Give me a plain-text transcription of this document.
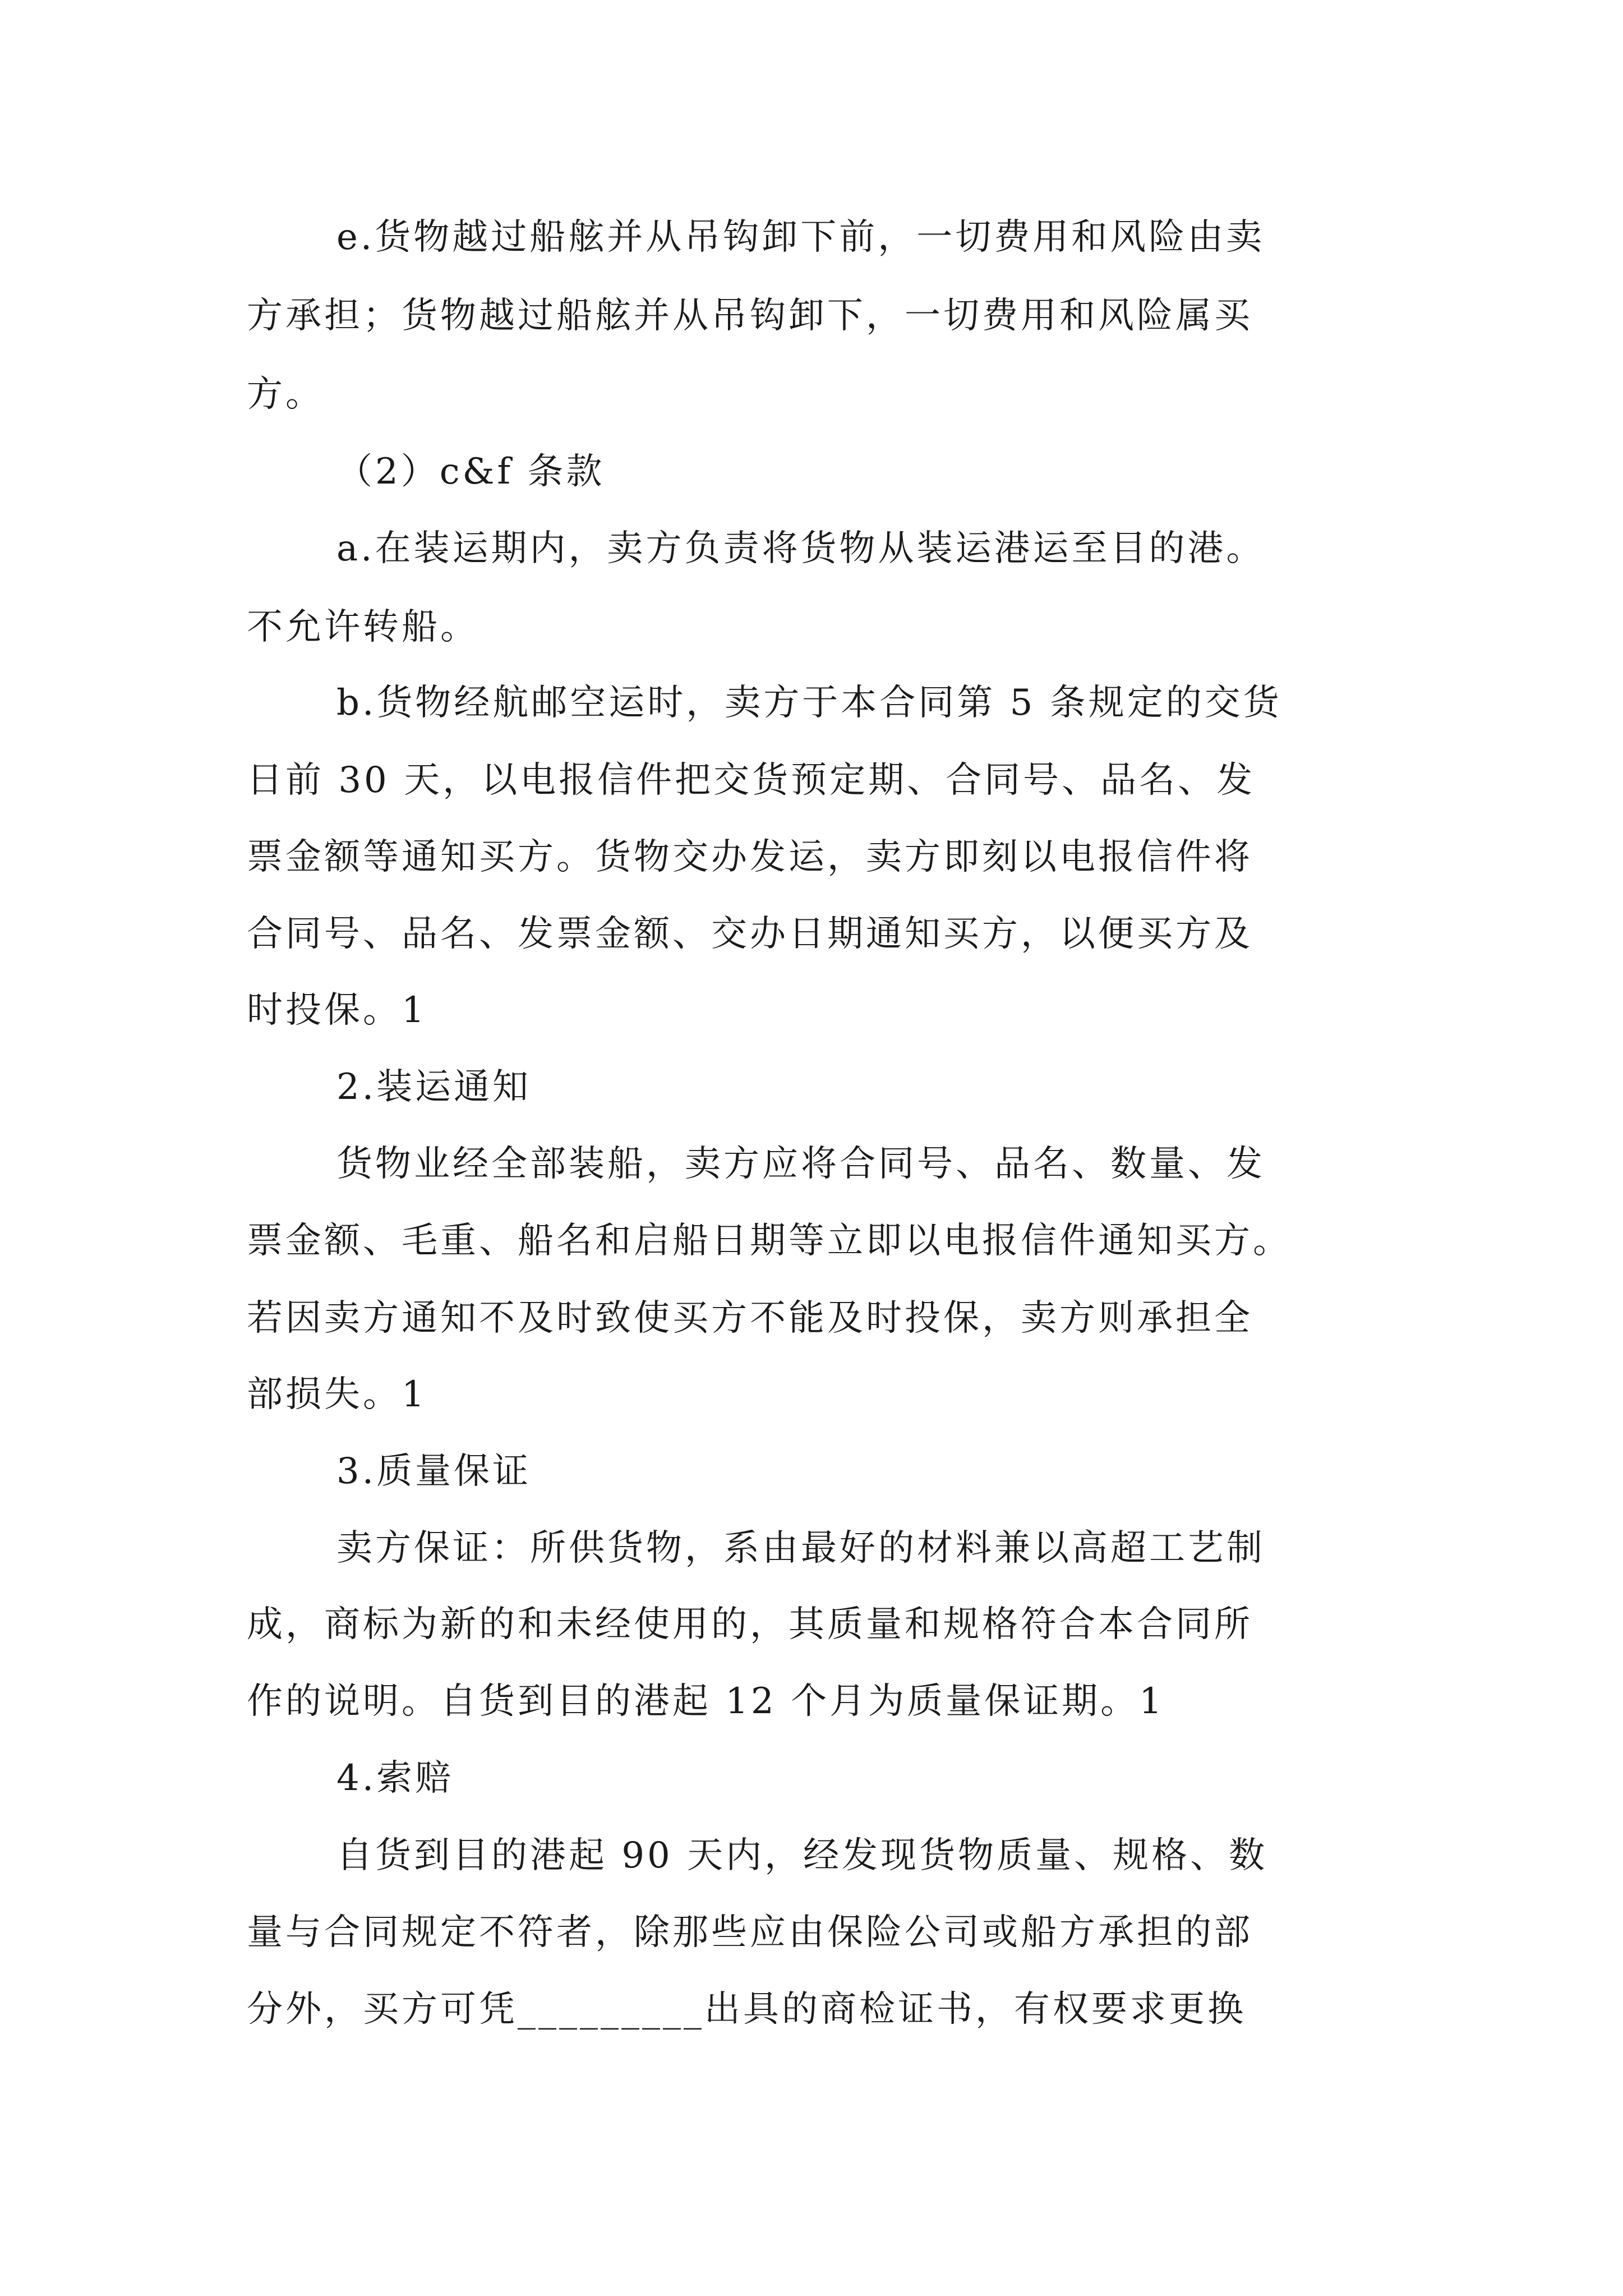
e.货物越过船舷并从吊钩卸下前，一切费用和风险由卖
方承担；货物越过船舷并从吊钩卸下，一切费用和风险属买
方。
（2）c&f 条款
a.在装运期内，卖方负责将货物从装运港运至目的港。
不允许转船。
b.货物经航邮空运时，卖方于本合同第 5 条规定的交货
日前 30 天，以电报信件把交货预定期、合同号、品名、发
票金额等通知买方。货物交办发运，卖方即刻以电报信件将
合同号、品名、发票金额、交办日期通知买方，以便买方及
时投保。1
2.装运通知
货物业经全部装船，卖方应将合同号、品名、数量、发
票金额、毛重、船名和启船日期等立即以电报信件通知买方。
若因卖方通知不及时致使买方不能及时投保，卖方则承担全
部损失。1
3.质量保证
卖方保证：所供货物，系由最好的材料兼以高超工艺制
成，商标为新的和未经使用的，其质量和规格符合本合同所
作的说明。自货到目的港起 12 个月为质量保证期。1
4.索赔
自货到目的港起 90 天内，经发现货物质量、规格、数
量与合同规定不符者，除那些应由保险公司或船方承担的部
分外，买方可凭_________出具的商检证书，有权要求更换
